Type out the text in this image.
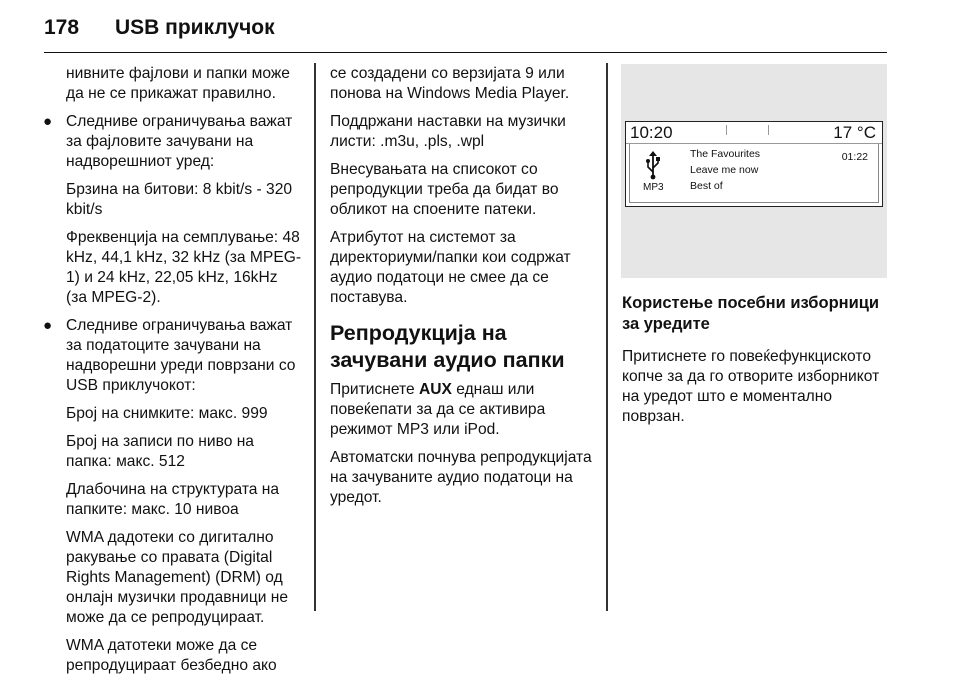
178 USB приклучок

нивните фајлови и папки може да не се прикажат правилно.

● Следниве ограничувања важат за фајловите зачувани на надворешниот уред:

Брзина на битови: 8 kbit/s - 320 kbit/s

Фреквенција на семплување: 48 kHz, 44,1 kHz, 32 kHz (за MPEG-1) и 24 kHz, 22,05 kHz, 16kHz (за MPEG-2).

● Следниве ограничувања важат за податоците зачувани на надворешни уреди поврзани со USB приклучокот:

Број на снимките: макс. 999

Број на записи по ниво на папка: макс. 512

Длабочина на структурата на папките: макс. 10 нивоа

WMA дадотеки со дигитално ракување со правата (Digital Rights Management) (DRM) од онлајн музички продавници не може да се репродуцираат.

WMA датотеки може да се репродуцираат безбедно ако

се создадени со верзијата 9 или понова на Windows Media Player.

Поддржани наставки на музички листи: .m3u, .pls, .wpl

Внесувањата на списокот со репродукции треба да бидат во обликот на споените патеки.

Атрибутот на системот за директориуми/папки кои содржат аудио податоци не смее да се поставува.

Репродукција на зачувани аудио папки

Притиснете AUX еднаш или повеќепати за да се активира режимот MP3 или iPod.

Автоматски почнува репродукцијата на зачуваните аудио податоци на уредот.

10:20	17 °C
MP3
The Favourites
Leave me now
Best of
01:22
Користење посебни изборници за уредите

Притиснете го повеќефункциското копче за да го отворите изборникот на уредот што е моментално поврзан.
